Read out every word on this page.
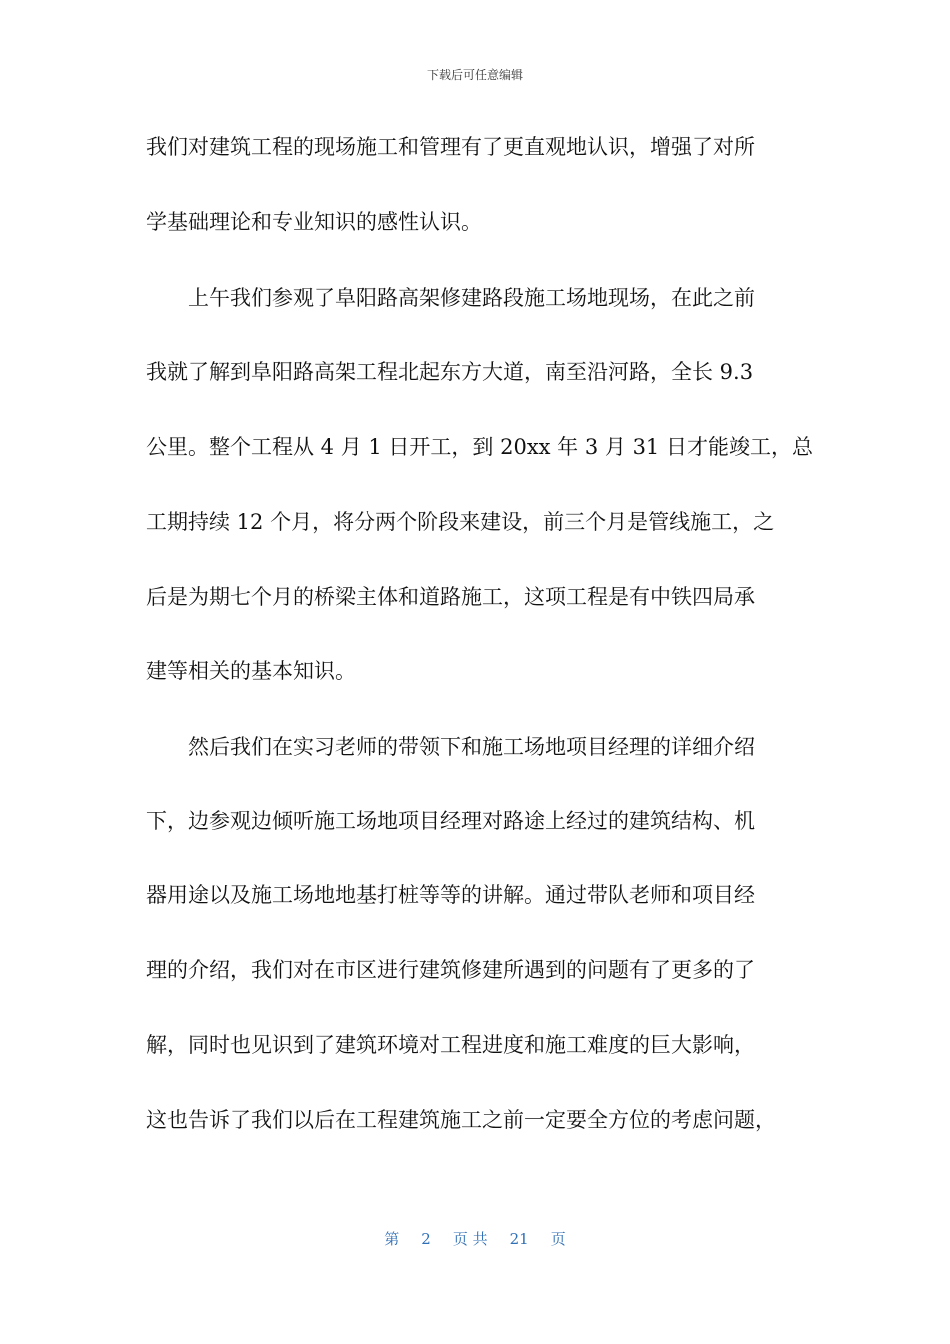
下载后可任意编辑
我们对建筑工程的现场施工和管理有了更直观地认识，增强了对所
学基础理论和专业知识的感性认识。
上午我们参观了阜阳路高架修建路段施工场地现场，在此之前
我就了解到阜阳路高架工程北起东方大道，南至沿河路，全长 9.3
公里。整个工程从 4 月 1 日开工，到 20xx 年 3 月 31 日才能竣工，总
工期持续 12 个月，将分两个阶段来建设，前三个月是管线施工，之
后是为期七个月的桥梁主体和道路施工，这项工程是有中铁四局承
建等相关的基本知识。
然后我们在实习老师的带领下和施工场地项目经理的详细介绍
下，边参观边倾听施工场地项目经理对路途上经过的建筑结构、机
器用途以及施工场地地基打桩等等的讲解。通过带队老师和项目经
理的介绍，我们对在市区进行建筑修建所遇到的问题有了更多的了
解，同时也见识到了建筑环境对工程进度和施工难度的巨大影响，
这也告诉了我们以后在工程建筑施工之前一定要全方位的考虑问题，
第 2 页 共 21 页
